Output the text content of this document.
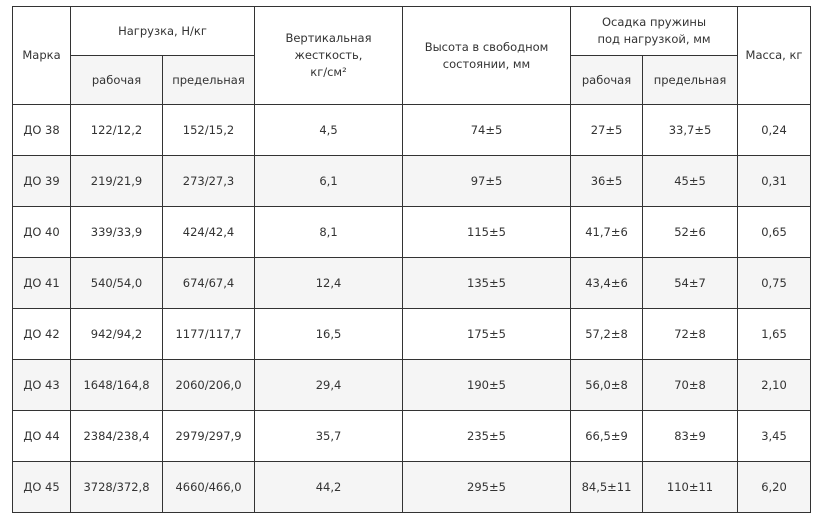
Марка	Нагрузка, Н/кг		Вертикальная жесткость, кг/см²	Высота в свободном состоянии, мм	Осадка пружины под нагрузкой, мм		Масса, кг
	рабочая	предельная			рабочая	предельная	
ДО 38	122/12,2	152/15,2	4,5	74±5	27±5	33,7±5	0,24
ДО 39	219/21,9	273/27,3	6,1	97±5	36±5	45±5	0,31
ДО 40	339/33,9	424/42,4	8,1	115±5	41,7±6	52±6	0,65
ДО 41	540/54,0	674/67,4	12,4	135±5	43,4±6	54±7	0,75
ДО 42	942/94,2	1177/117,7	16,5	175±5	57,2±8	72±8	1,65
ДО 43	1648/164,8	2060/206,0	29,4	190±5	56,0±8	70±8	2,10
ДО 44	2384/238,4	2979/297,9	35,7	235±5	66,5±9	83±9	3,45
ДО 45	3728/372,8	4660/466,0	44,2	295±5	84,5±11	110±11	6,20
